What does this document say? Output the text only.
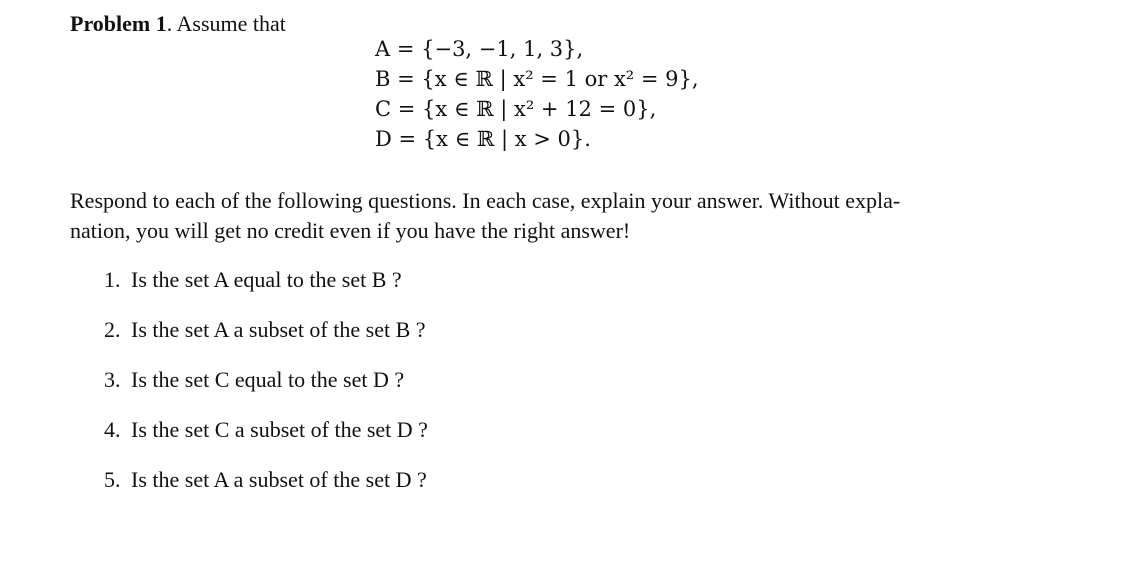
Problem 1. Assume that
A = {−3, −1, 1, 3},
B = {x ∈ ℝ | x² = 1 or x² = 9},
C = {x ∈ ℝ | x² + 12 = 0},
D = {x ∈ ℝ | x > 0}.
Respond to each of the following questions. In each case, explain your answer. Without expla-
nation, you will get no credit even if you have the right answer!
1. Is the set A equal to the set B ?
2. Is the set A a subset of the set B ?
3. Is the set C equal to the set D ?
4. Is the set C a subset of the set D ?
5. Is the set A a subset of the set D ?
